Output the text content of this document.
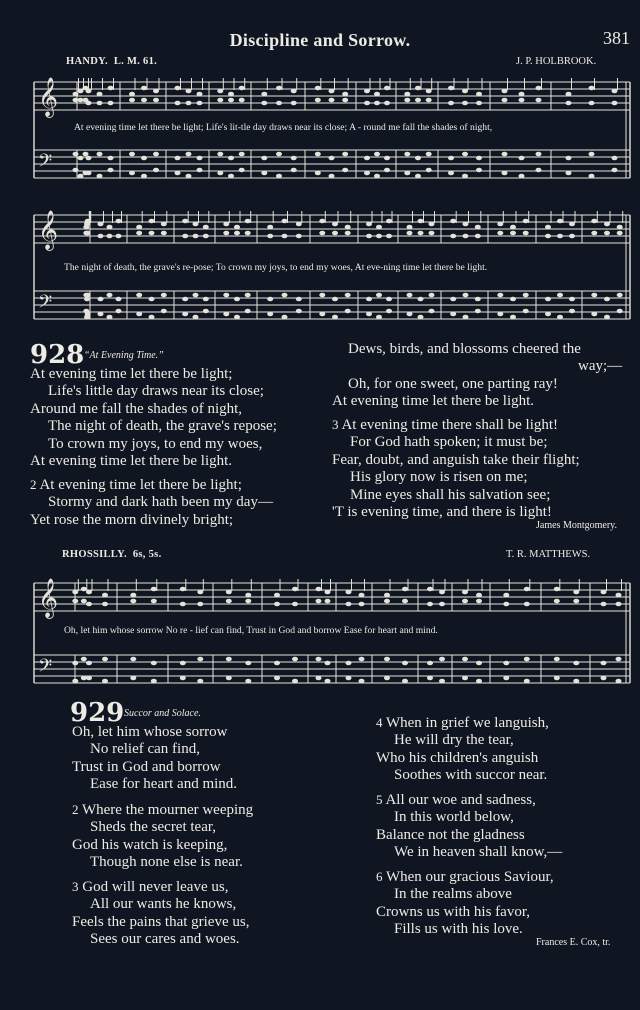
Discipline and Sorrow.	381
HANDY. L. M. 61.	J. P. HOLBROOK.
𝄞
𝄢
𝄞
𝄢
𝄞
𝄢
At evening time let there be light; Life's lit-tle day draws near its close; A - round me fall the shades of night,
The night of death, the grave's re-pose; To crown my joys, to end my woes, At eve-ning time let there be light.
928 “At Evening Time.”
At evening time let there be light;
Life's little day draws near its close;
Around me fall the shades of night,
The night of death, the grave's repose;
To crown my joys, to end my woes,
At evening time let there be light.
2 At evening time let there be light;
Stormy and dark hath been my day—
Yet rose the morn divinely bright;
Dews, birds, and blossoms cheered the
way;—
Oh, for one sweet, one parting ray!
At evening time let there be light.
3 At evening time there shall be light!
For God hath spoken; it must be;
Fear, doubt, and anguish take their flight;
His glory now is risen on me;
Mine eyes shall his salvation see;
'T is evening time, and there is light!
James Montgomery.
RHOSSILLY. 6s, 5s.	T. R. MATTHEWS.
Oh, let him whose sorrow No re - lief can find, Trust in God and borrow Ease for heart and mind.
929 Succor and Solace.
Oh, let him whose sorrow
No relief can find,
Trust in God and borrow
Ease for heart and mind.
2 Where the mourner weeping
Sheds the secret tear,
God his watch is keeping,
Though none else is near.
3 God will never leave us,
All our wants he knows,
Feels the pains that grieve us,
Sees our cares and woes.
4 When in grief we languish,
He will dry the tear,
Who his children's anguish
Soothes with succor near.
5 All our woe and sadness,
In this world below,
Balance not the gladness
We in heaven shall know,—
6 When our gracious Saviour,
In the realms above
Crowns us with his favor,
Fills us with his love.
Frances E. Cox, tr.
